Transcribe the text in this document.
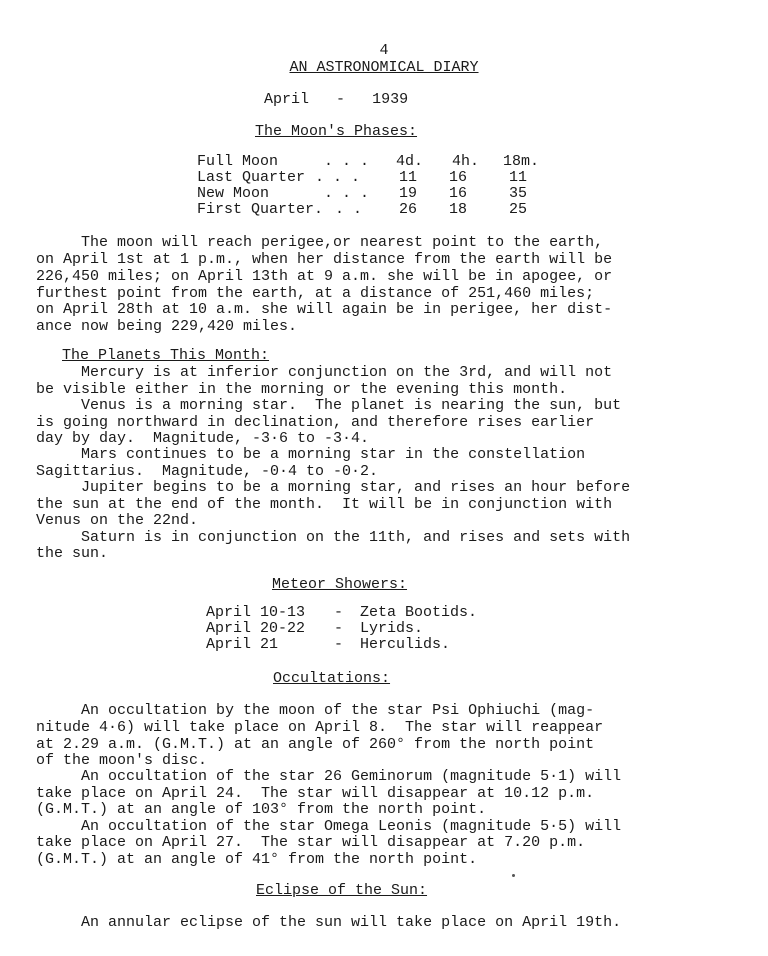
4
AN ASTRONOMICAL DIARY
April - 1939
The Moon's Phases:
Full Moon . . . 4d. 4h. 18m.
Last Quarter . . .	11 16	11
New Moon	. . . 19 16	35
First Quarter. . . 26 18	25
The moon will reach perigee,or nearest point to the earth,
on April 1st at 1 p.m., when her distance from the earth will be
226,450 miles; on April 13th at 9 a.m. she will be in apogee, or
furthest point from the earth, at a distance of 251,460 miles;
on April 28th at 10 a.m. she will again be in perigee, her dist-
ance now being 229,420 miles.
The Planets This Month:
Mercury is at inferior conjunction on the 3rd, and will not
be visible either in the morning or the evening this month.
Venus is a morning star.  The planet is nearing the sun, but
is going northward in declination, and therefore rises earlier
day by day.  Magnitude, -3·6 to -3·4.
Mars continues to be a morning star in the constellation
Sagittarius.  Magnitude, -0·4 to -0·2.
Jupiter begins to be a morning star, and rises an hour before
the sun at the end of the month.  It will be in conjunction with
Venus on the 22nd.
Saturn is in conjunction on the 11th, and rises and sets with
the sun.
Meteor Showers:
April 10-13 - Zeta Bootids.
April 20-22 - Lyrids.
April 21	- Herculids.
Occultations:
An occultation by the moon of the star Psi Ophiuchi (mag-
nitude 4·6) will take place on April 8.  The star will reappear
at 2.29 a.m. (G.M.T.) at an angle of 260° from the north point
of the moon's disc.
An occultation of the star 26 Geminorum (magnitude 5·1) will
take place on April 24.  The star will disappear at 10.12 p.m.
(G.M.T.) at an angle of 103° from the north point.
An occultation of the star Omega Leonis (magnitude 5·5) will
take place on April 27.  The star will disappear at 7.20 p.m.
(G.M.T.) at an angle of 41° from the north point.
Eclipse of the Sun:
An annular eclipse of the sun will take place on April 19th.
